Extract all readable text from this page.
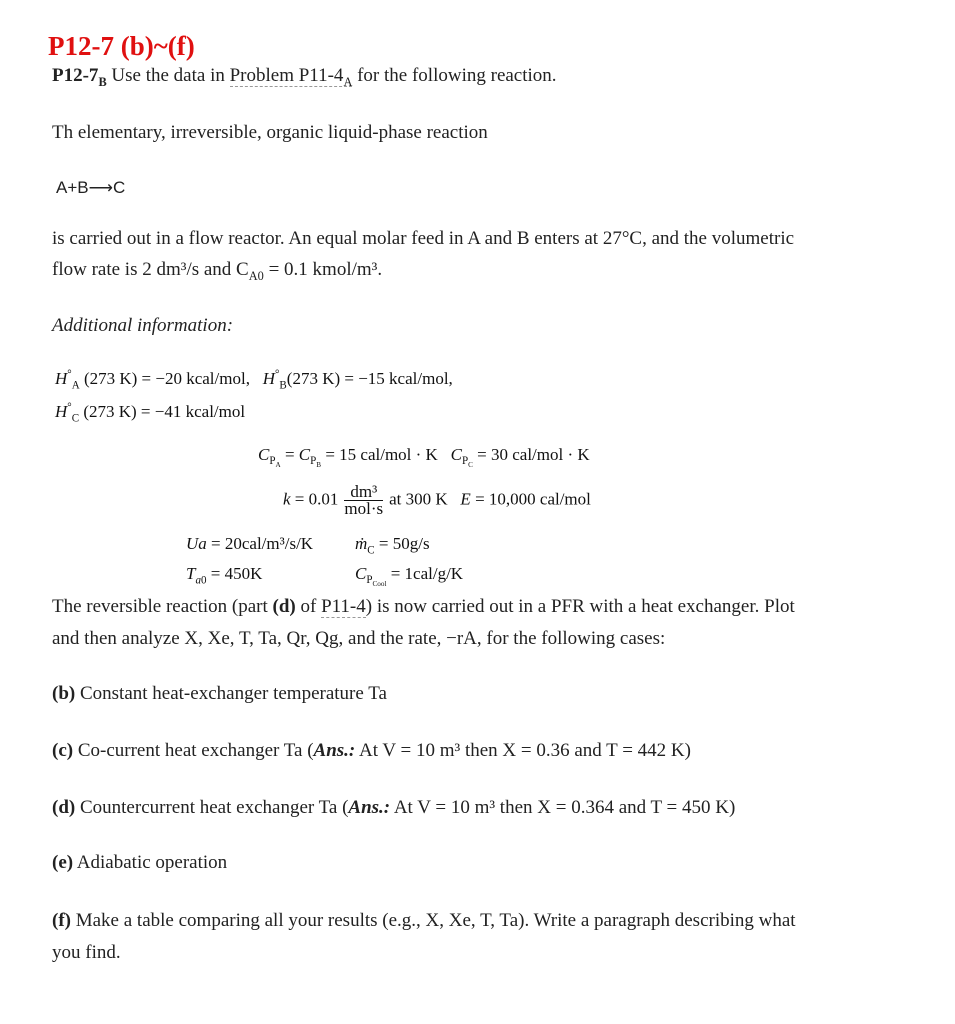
P12-7 (b)~(f)
$P12-7_B$ Use the data in Problem $P11-4_A$ for the following reaction.
Th elementary, irreversible, organic liquid-phase reaction
A+B⟶C
is carried out in a flow reactor. An equal molar feed in A and B enters at 27°C, and the volumetric
flow rate is 2 dm³/s and $C_{A0} = 0.1$ kmol/m³.
Additional information:
$H^\circ_A$ (273 K) = −20 kcal/mol, $H^\circ_B(273$ K) = −15 kcal/mol,
$H^\circ_C$ (273 K) = −41 kcal/mol
$C_{P_A} = C_{P_B} = 15$ cal/mol · K $C_{P_C} = 30$ cal/mol · K
$k = 0.01 \frac{\text{dm³}}{\text{mol·s}}$ at 300 K E = 10,000 cal/mol
Ua = 20cal/m³/s/K ṁ$_C$ = 50g/s
$T_{a0} = 450K$	$C_{P_{Cool}} = 1cal/g/K$
The reversible reaction (part (d) of P11-4) is now carried out in a PFR with a heat exchanger. Plot
and then analyze X, Xe, T, Ta, Qr, Qg, and the rate, −rA, for the following cases:
(b) Constant heat-exchanger temperature Ta
(c) Co-current heat exchanger Ta (Ans.: At V = 10 m³ then X = 0.36 and T = 442 K)
(d) Countercurrent heat exchanger Ta (Ans.: At V = 10 m³ then X = 0.364 and T = 450 K)
(e) Adiabatic operation
(f) Make a table comparing all your results (e.g., X, Xe, T, Ta). Write a paragraph describing what
you find.
